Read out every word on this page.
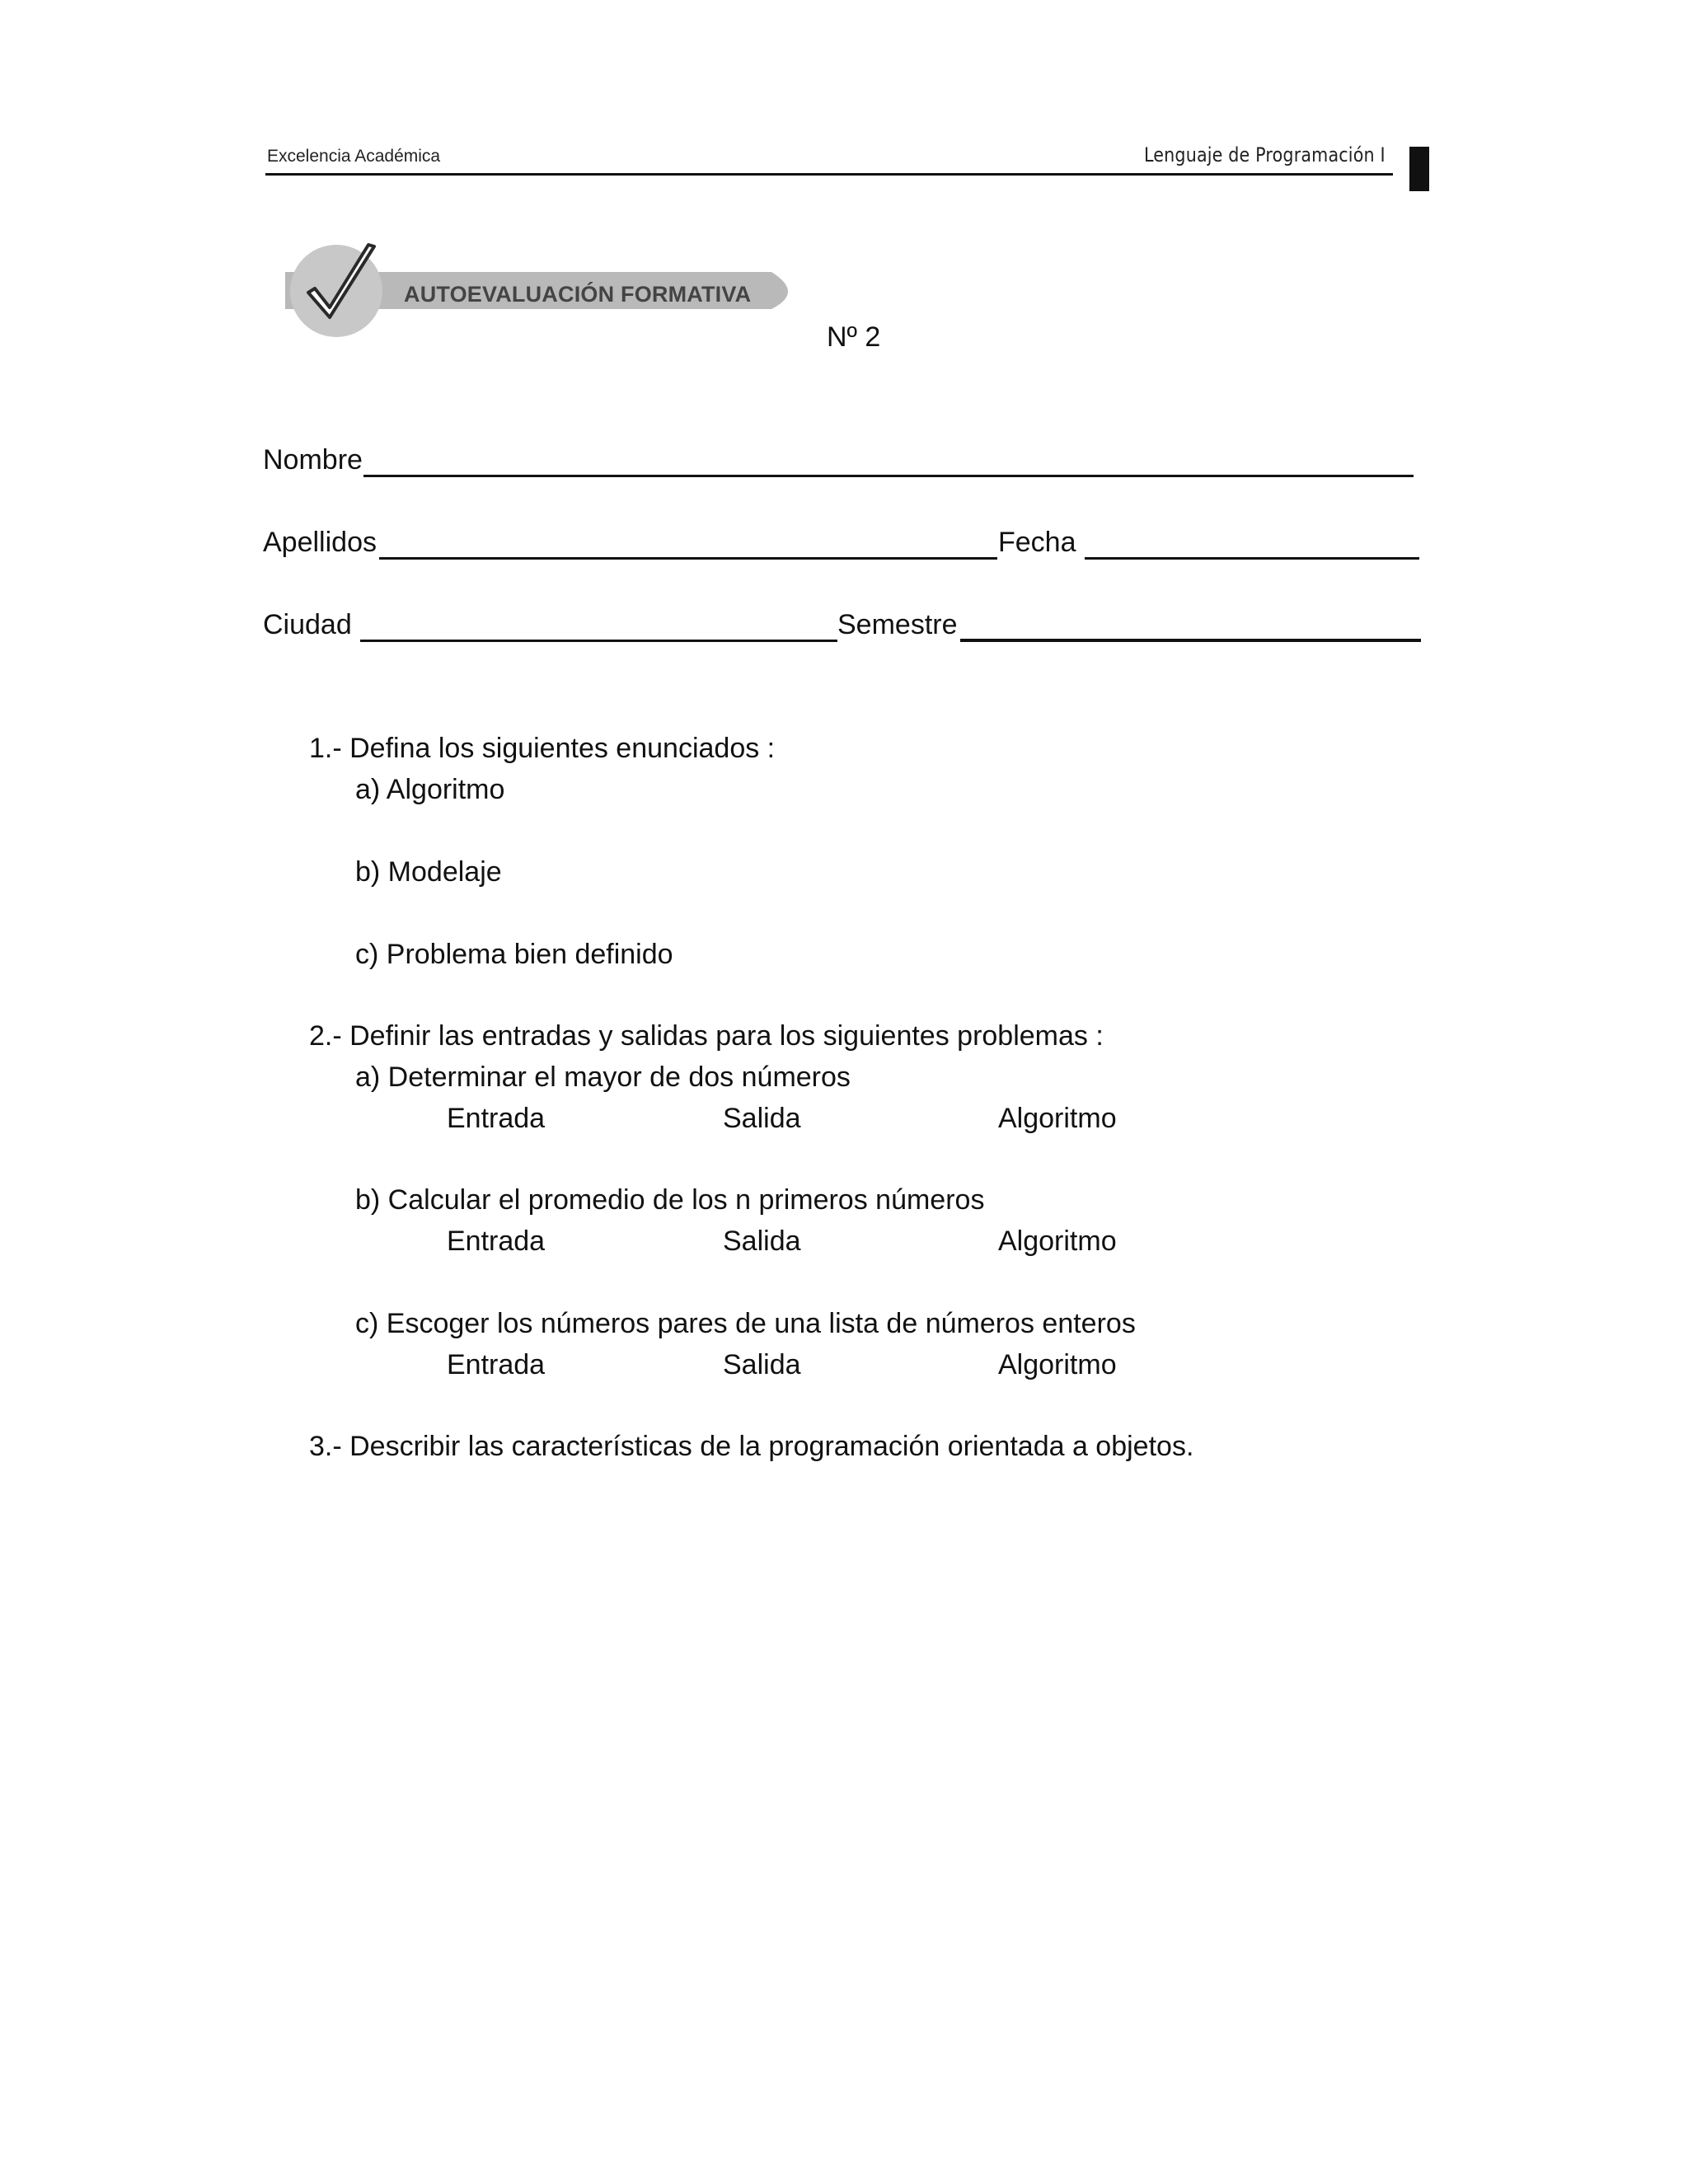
Excelencia Académica	Lenguaje de Programación I
AUTOEVALUACIÓN FORMATIVA
Nº 2
Nombre
Apellidos	Fecha
Ciudad	Semestre
1.- Defina los siguientes enunciados :
a) Algoritmo
b) Modelaje
c) Problema bien definido
2.- Definir las entradas y salidas para los siguientes problemas :
a) Determinar el mayor de dos números
Entrada	Salida	Algoritmo
b) Calcular el promedio de los n primeros números
Entrada	Salida	Algoritmo
c) Escoger los números pares de una lista de números enteros
Entrada	Salida	Algoritmo
3.- Describir las características de la programación orientada a objetos.
